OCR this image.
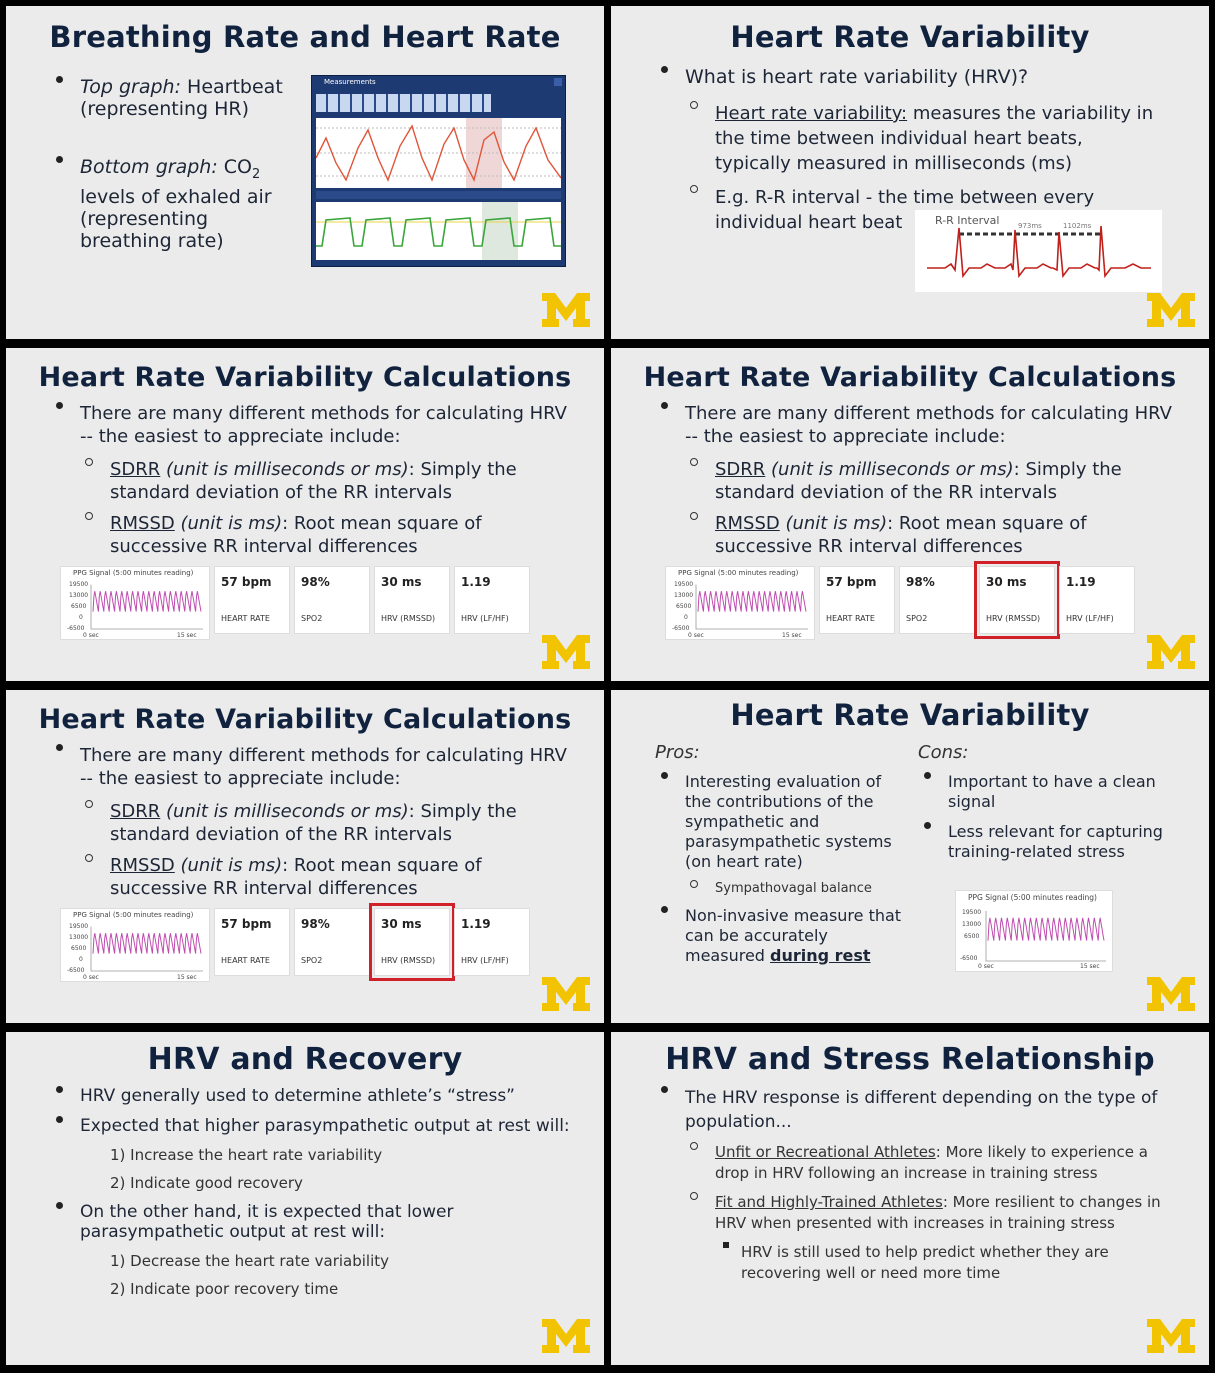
Breathing Rate and Heart Rate
Top graph: Heartbeat (representing HR)
Bottom graph: $CO_2$ levels of exhaled air (representing breathing rate)
Measurements
Heart Rate Variability
What is heart rate variability (HRV)?
Heart rate variability: measures the variability in the time between individual heart beats, typically measured in milliseconds (ms)
E.g. R-R interval - the time between every individual heart beat	R-R Interval	973ms	1102ms
Heart Rate Variability Calculations
There are many different methods for calculating HRV -- the easiest to appreciate include:
SDRR (unit is milliseconds or ms): Simply the standard deviation of the RR intervals
RMSSD (unit is ms): Root mean square of successive RR interval differences
PPG Signal (5:00 minutes reading)
19500
13000
6500
0
-6500
0 sec	15 sec
57 bpm
HEART RATE
98%
SPO2
30 ms
HRV (RMSSD)
1.19
HRV (LF/HF)
Heart Rate Variability Calculations
There are many different methods for calculating HRV -- the easiest to appreciate include:
SDRR (unit is milliseconds or ms): Simply the standard deviation of the RR intervals
RMSSD (unit is ms): Root mean square of successive RR interval differences
PPG Signal (5:00 minutes reading)
19500
13000
6500
0
-6500
0 sec	15 sec
57 bpm
HEART RATE
98%
SPO2
30 ms
HRV (RMSSD)
1.19
HRV (LF/HF)
Heart Rate Variability Calculations
There are many different methods for calculating HRV -- the easiest to appreciate include:
SDRR (unit is milliseconds or ms): Simply the standard deviation of the RR intervals
RMSSD (unit is ms): Root mean square of successive RR interval differences
PPG Signal (5:00 minutes reading)
19500
13000
6500
0
-6500
0 sec	15 sec
57 bpm
HEART RATE
98%
SPO2
30 ms
HRV (RMSSD)
1.19
HRV (LF/HF)
Heart Rate Variability
Pros:	Cons:
Interesting evaluation of the contributions of the sympathetic and parasympathetic systems (on heart rate)
Sympathovagal balance
Non-invasive measure that can be accurately measured during rest
Important to have a clean signal
Less relevant for capturing training-related stress
PPG Signal (5:00 minutes reading)
19500
13000
6500
-6500
0 sec	15 sec
HRV and Recovery
HRV generally used to determine athlete’s “stress”
Expected that higher parasympathetic output at rest will:
1) Increase the heart rate variability
2) Indicate good recovery
On the other hand, it is expected that lower parasympathetic output at rest will:
1) Decrease the heart rate variability
2) Indicate poor recovery time
HRV and Stress Relationship
The HRV response is different depending on the type of population...
Unfit or Recreational Athletes: More likely to experience a drop in HRV following an increase in training stress
Fit and Highly-Trained Athletes: More resilient to changes in HRV when presented with increases in training stress
HRV is still used to help predict whether they are recovering well or need more time
